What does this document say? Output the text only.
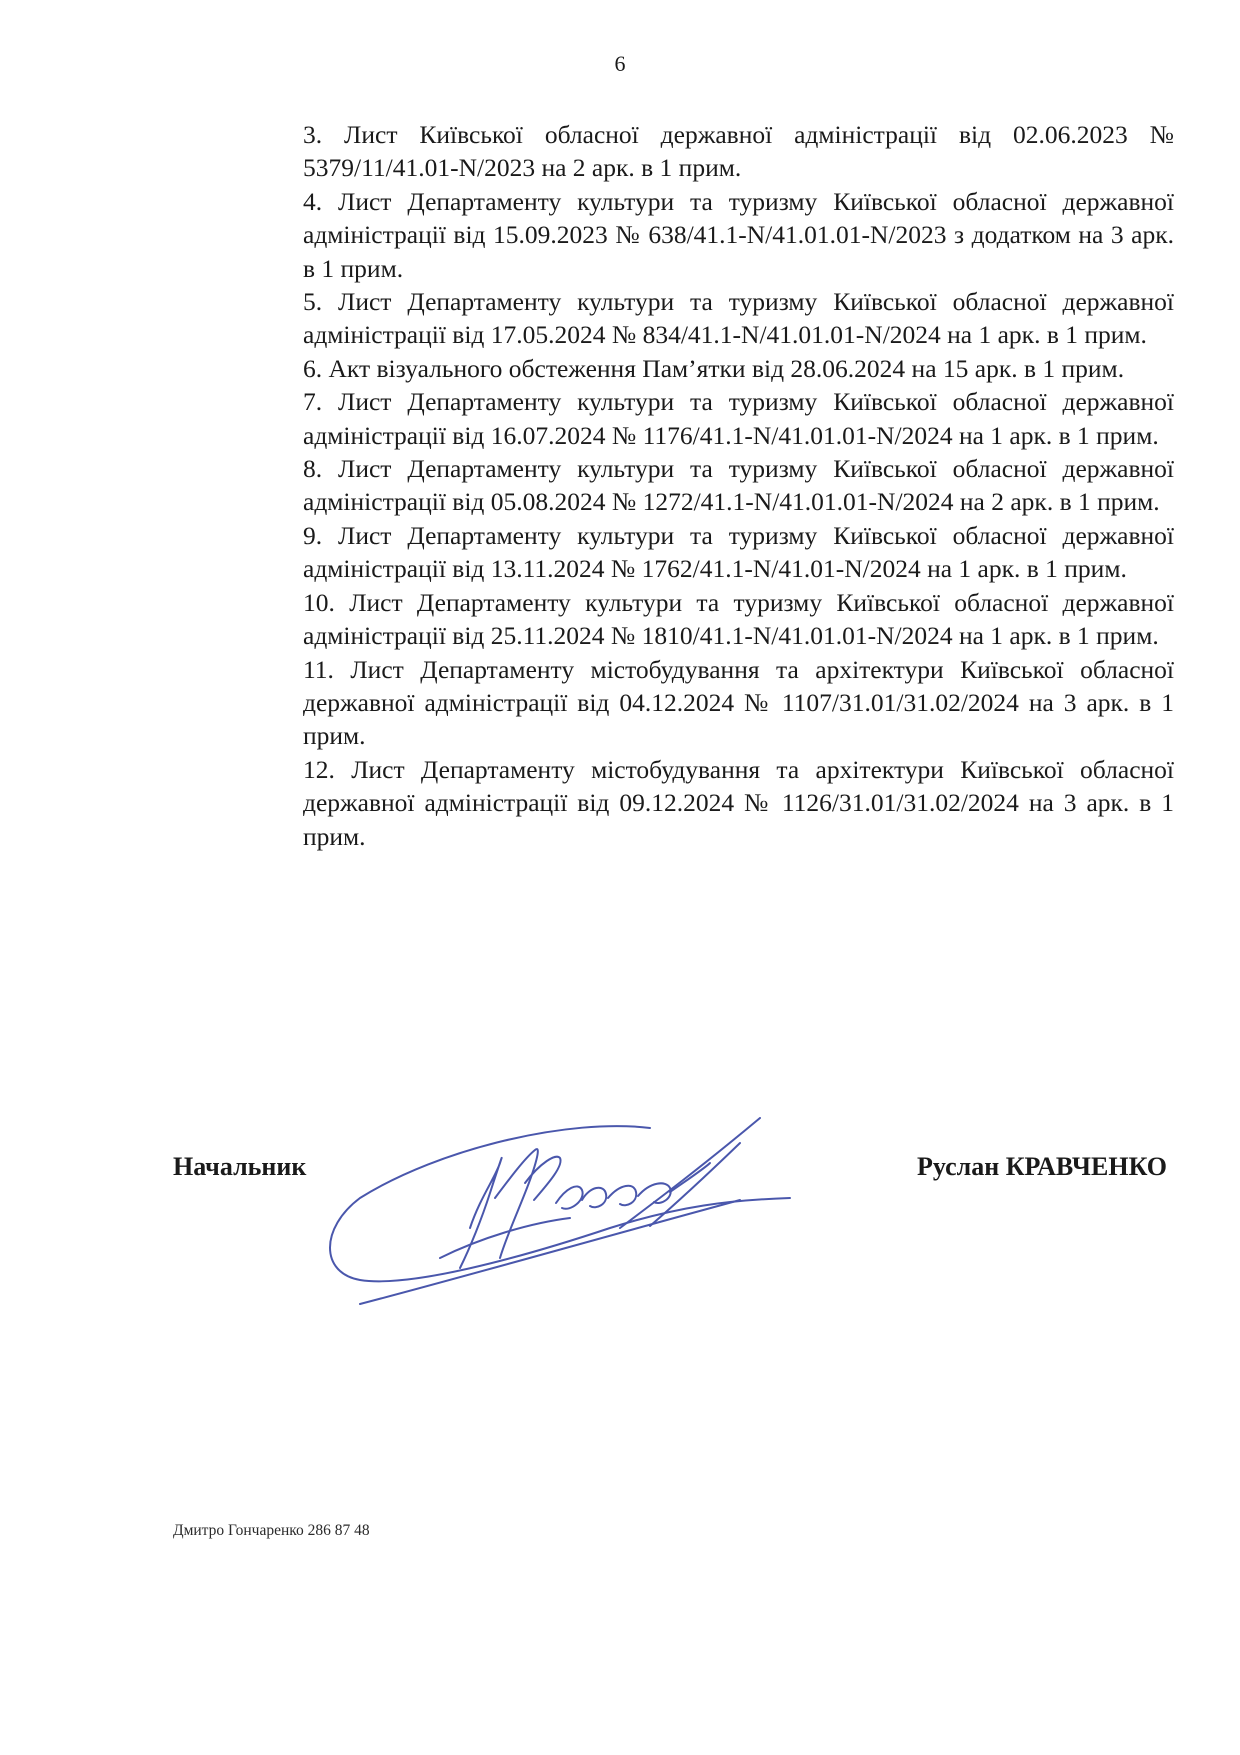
6
3. Лист Київської обласної державної адміністрації від 02.06.2023 № 5379/11/41.01-N/2023 на 2 арк. в 1 прим.
4. Лист Департаменту культури та туризму Київської обласної державної адміністрації від 15.09.2023 № 638/41.1-N/41.01.01-N/2023 з додатком на 3 арк. в 1 прим.
5. Лист Департаменту культури та туризму Київської обласної державної адміністрації від 17.05.2024 № 834/41.1-N/41.01.01-N/2024 на 1 арк. в 1 прим.
6. Акт візуального обстеження Пам’ятки від 28.06.2024 на 15 арк. в 1 прим.
7. Лист Департаменту культури та туризму Київської обласної державної адміністрації від 16.07.2024 № 1176/41.1-N/41.01.01-N/2024 на 1 арк. в 1 прим.
8. Лист Департаменту культури та туризму Київської обласної державної адміністрації від 05.08.2024 № 1272/41.1-N/41.01.01-N/2024 на 2 арк. в 1 прим.
9. Лист Департаменту культури та туризму Київської обласної державної адміністрації від 13.11.2024 № 1762/41.1-N/41.01-N/2024 на 1 арк. в 1 прим.
10. Лист Департаменту культури та туризму Київської обласної державної адміністрації від 25.11.2024 № 1810/41.1-N/41.01.01-N/2024 на 1 арк. в 1 прим.
11. Лист Департаменту містобудування та архітектури Київської обласної державної адміністрації від 04.12.2024 № 1107/31.01/31.02/2024 на 3 арк. в 1 прим.
12. Лист Департаменту містобудування та архітектури Київської обласної державної адміністрації від 09.12.2024 № 1126/31.01/31.02/2024 на 3 арк. в 1 прим.
Начальник	Руслан КРАВЧЕНКО
Дмитро Гончаренко 286 87 48
